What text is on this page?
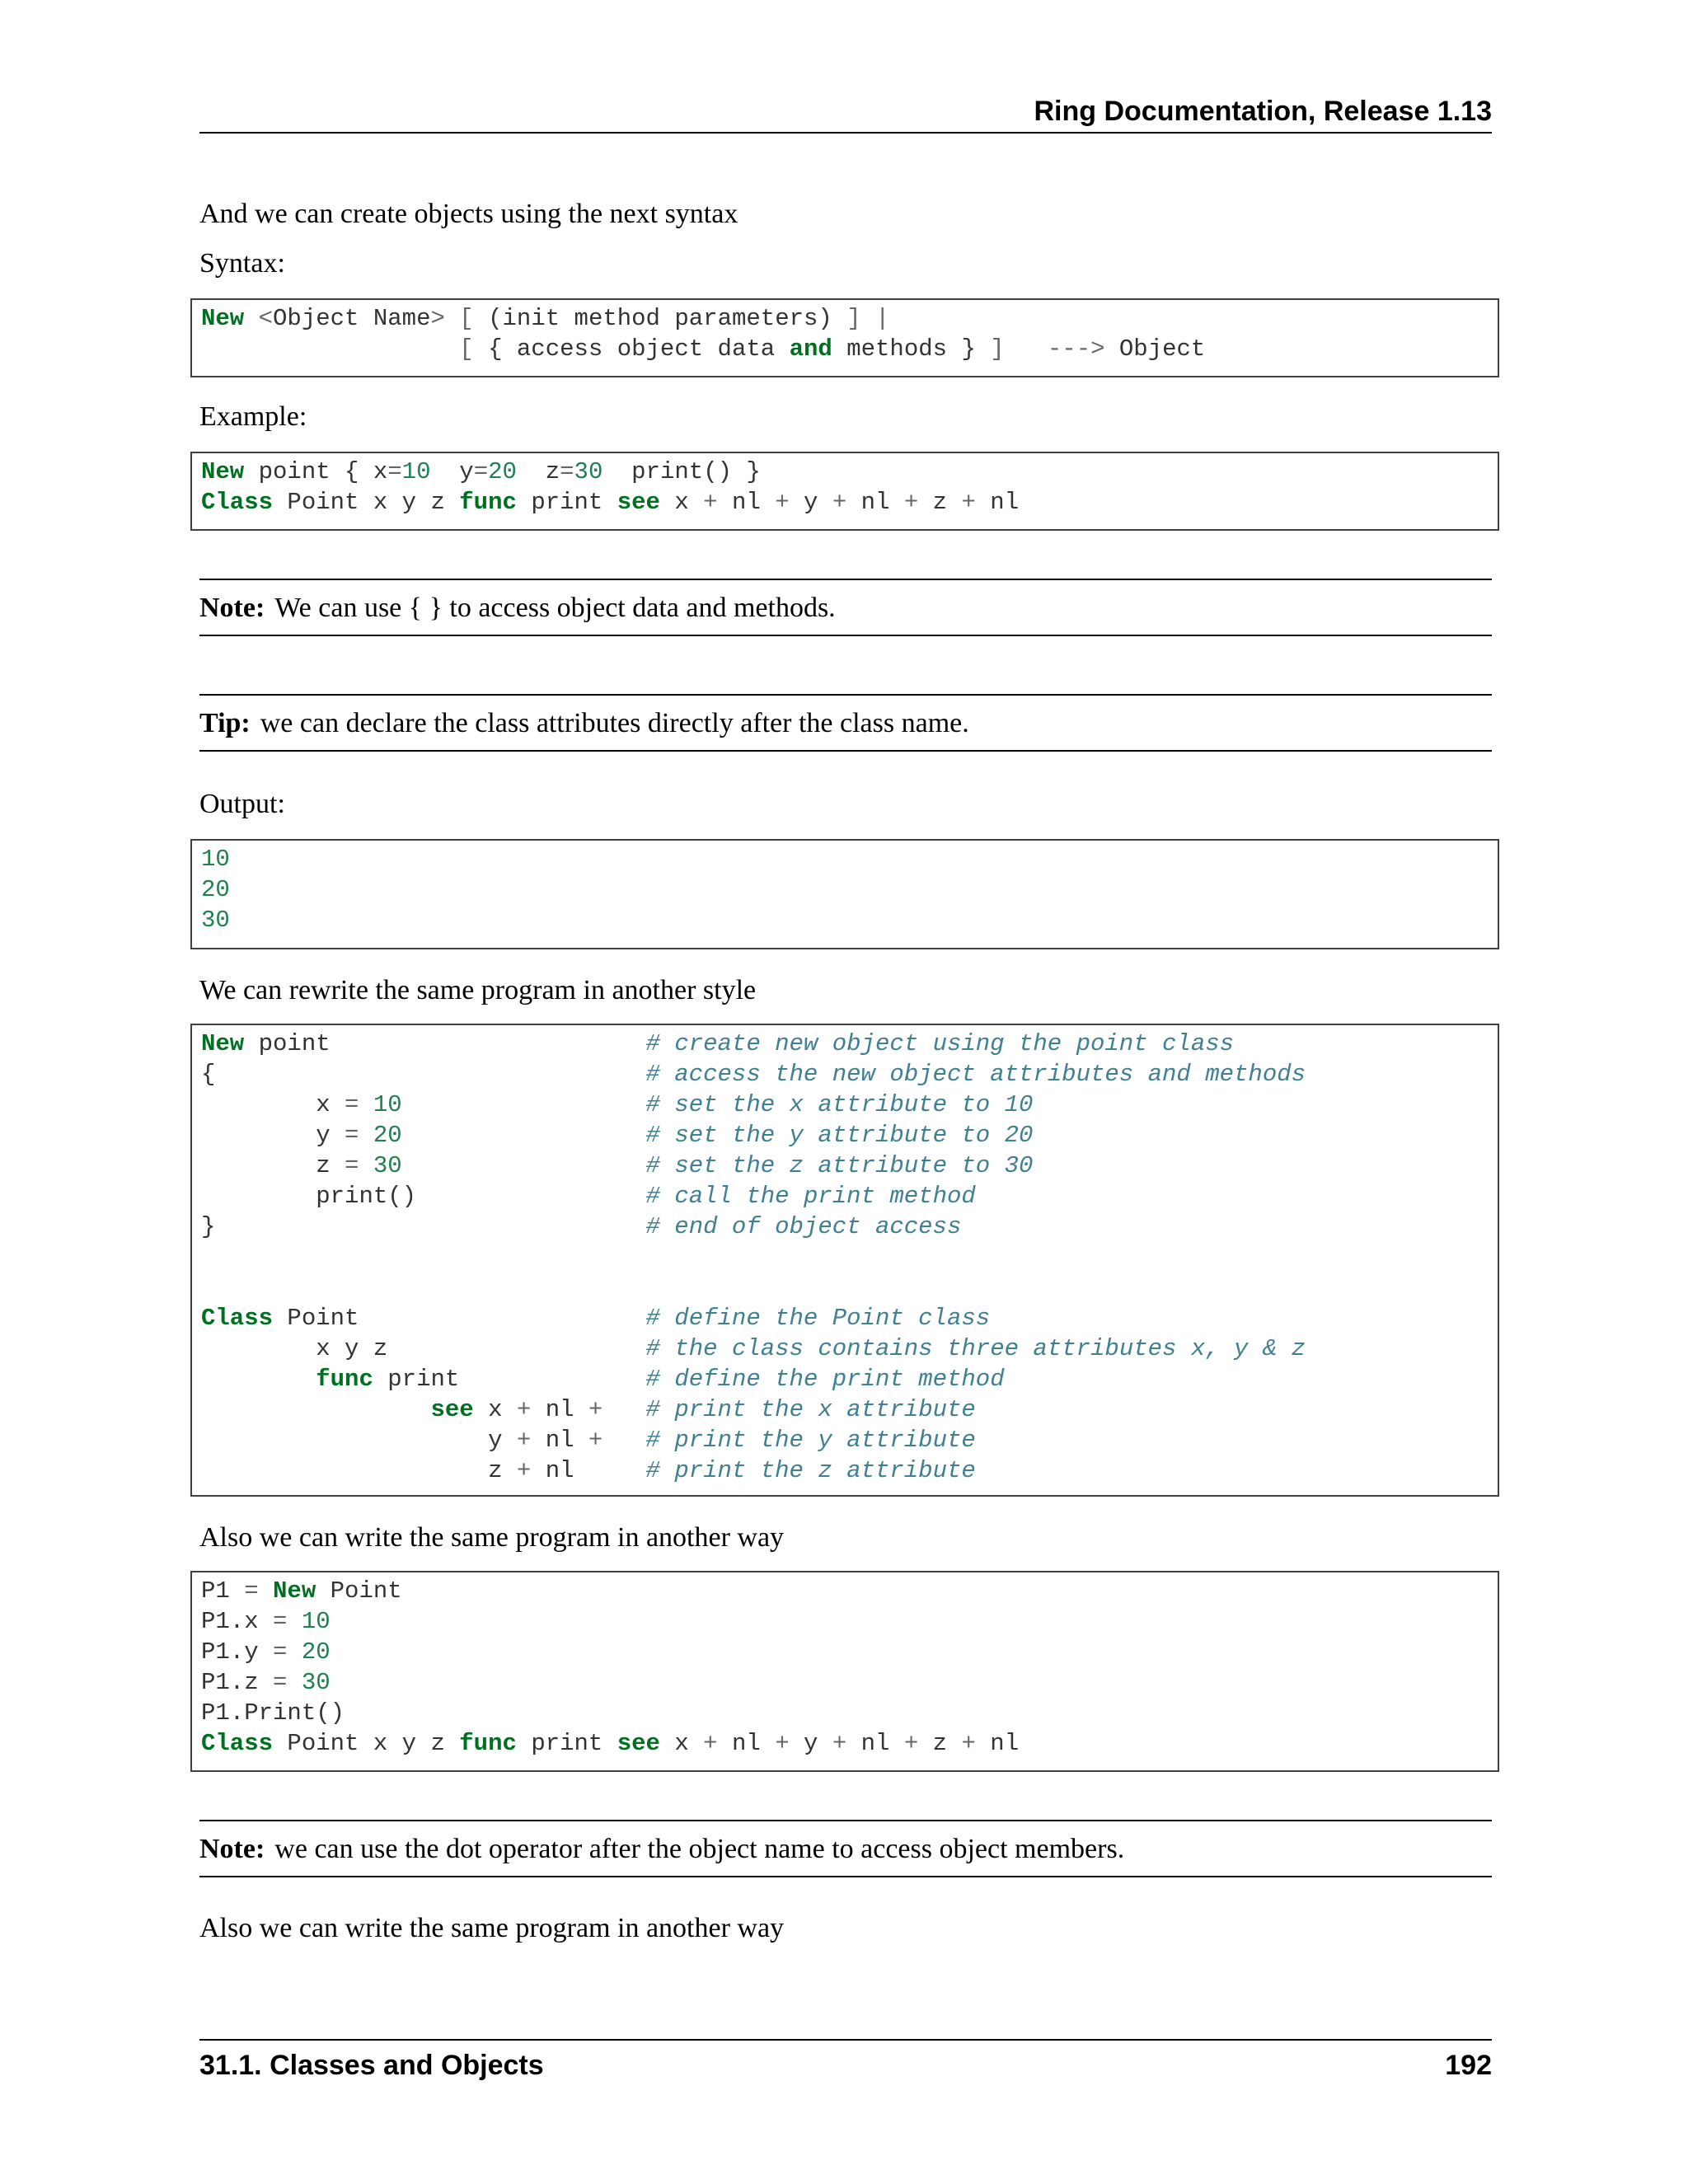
Ring Documentation, Release 1.13
And we can create objects using the next syntax
Syntax:
New <Object Name> [ (init method parameters) ] |
[ { access object data and methods } ] ---> Object
Example:
New point { x=10 y=20 z=30 print() }
Class Point x y z func print see x + nl + y + nl + z + nl
Note: We can use { } to access object data and methods.
Tip: we can declare the class attributes directly after the class name.
Output:
10
20
30
We can rewrite the same program in another style
New point	# create new object using the point class
{	# access the new object attributes and methods
x = 10	# set the x attribute to 10
y = 20	# set the y attribute to 20
z = 30	# set the z attribute to 30
print()	# call the print method
}	# end of object access
Class Point	# define the Point class
x y z	# the class contains three attributes x, y & z
func print	# define the print method
see x + nl + # print the x attribute
y + nl + # print the y attribute
z + nl	# print the z attribute
Also we can write the same program in another way
P1 = New Point
P1.x = 10
P1.y = 20
P1.z = 30
P1.Print()
Class Point x y z func print see x + nl + y + nl + z + nl
Note: we can use the dot operator after the object name to access object members.
Also we can write the same program in another way
31.1. Classes and Objects	192
